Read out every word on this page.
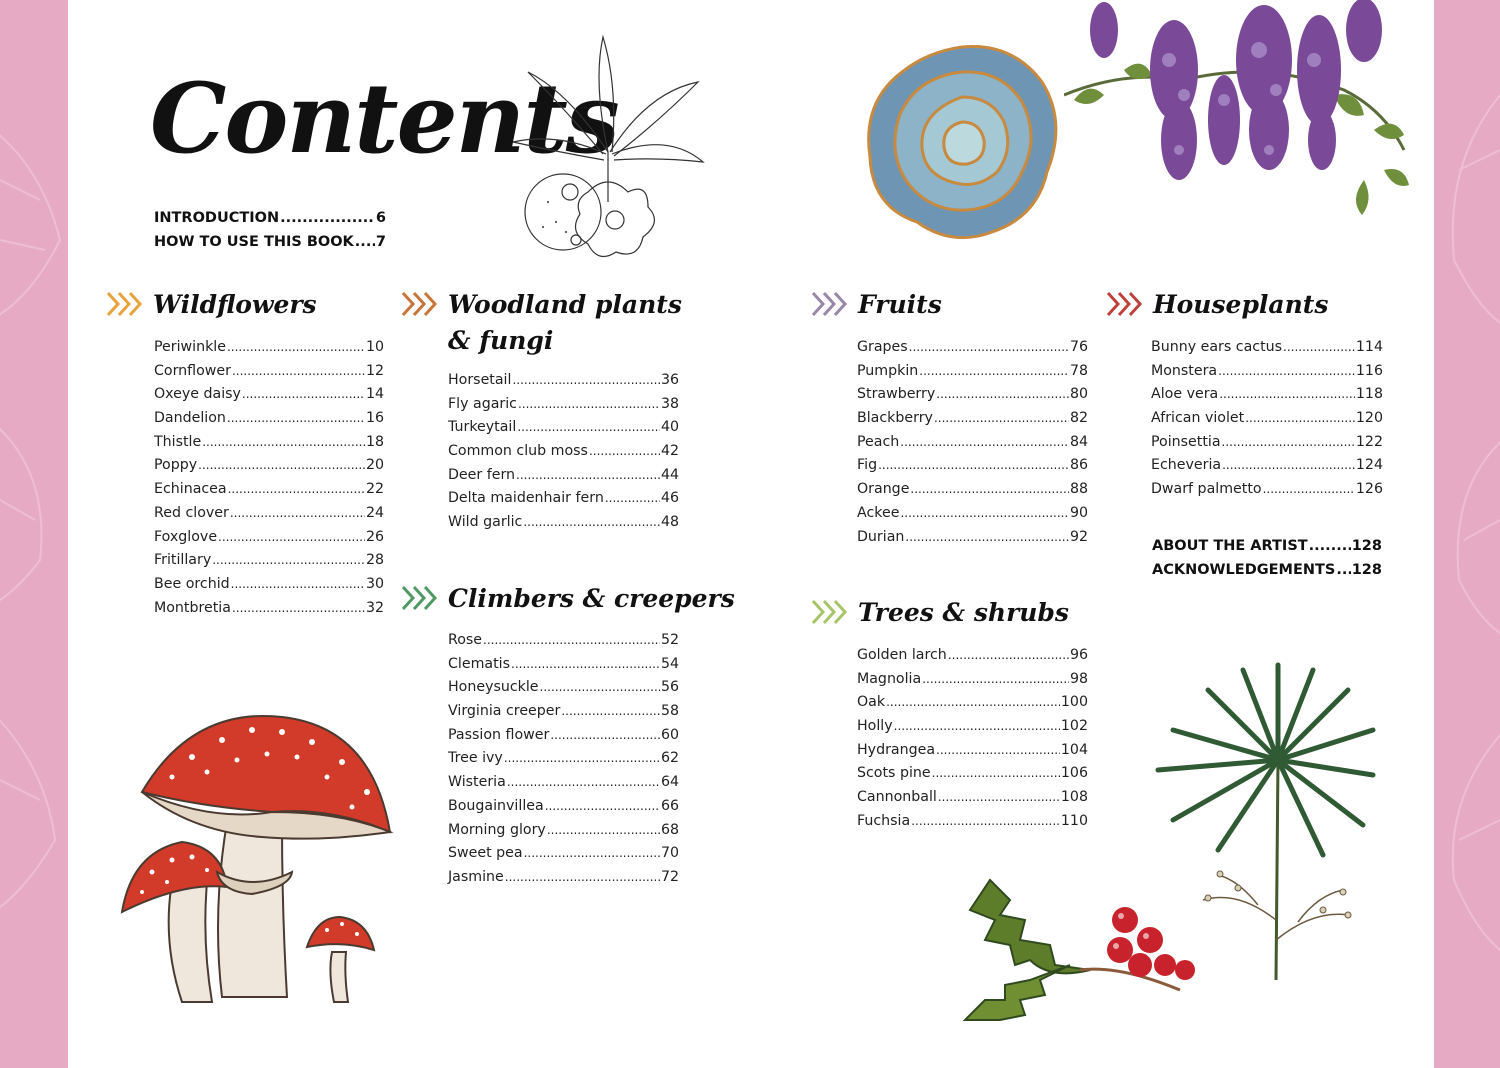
Contents
INTRODUCTION .....	6
HOW TO USE THIS BOOK ..... 7
Wildflowers
Periwinkle .....	10
Cornflower .....	12
Oxeye daisy .....	14
Dandelion .....	16
Thistle .....	18
Poppy .....	20
Echinacea .....	22
Red clover .....	24
Foxglove .....	26
Fritillary .....	28
Bee orchid .....	30
Montbretia .....	32
Woodland plants
& fungi
Horsetail .....	36
Fly agaric .....	38
Turkeytail .....	40
Common club moss .....	42
Deer fern .....	44
Delta maidenhair fern .....	46
Wild garlic .....	48
Climbers & creepers
Rose .....	52
Clematis .....	54
Honeysuckle .....	56
Virginia creeper .....	58
Passion flower .....	60
Tree ivy .....	62
Wisteria .....	64
Bougainvillea .....	66
Morning glory .....	68
Sweet pea .....	70
Jasmine .....	72
Fruits
Grapes .....	76
Pumpkin .....	78
Strawberry .....	80
Blackberry .....	82
Peach .....	84
Fig .....	86
Orange .....	88
Ackee .....	90
Durian .....	92
Trees & shrubs
Golden larch .....	96
Magnolia .....	98
Oak .....	100
Holly .....	102
Hydrangea .....	104
Scots pine .....	106
Cannonball .....	108
Fuchsia .....	110
Houseplants
Bunny ears cactus .....	114
Monstera .....	116
Aloe vera .....	118
African violet .....	120
Poinsettia .....	122
Echeveria .....	124
Dwarf palmetto .....	126
ABOUT THE ARTIST .....	128
ACKNOWLEDGEMENTS ..... 128
